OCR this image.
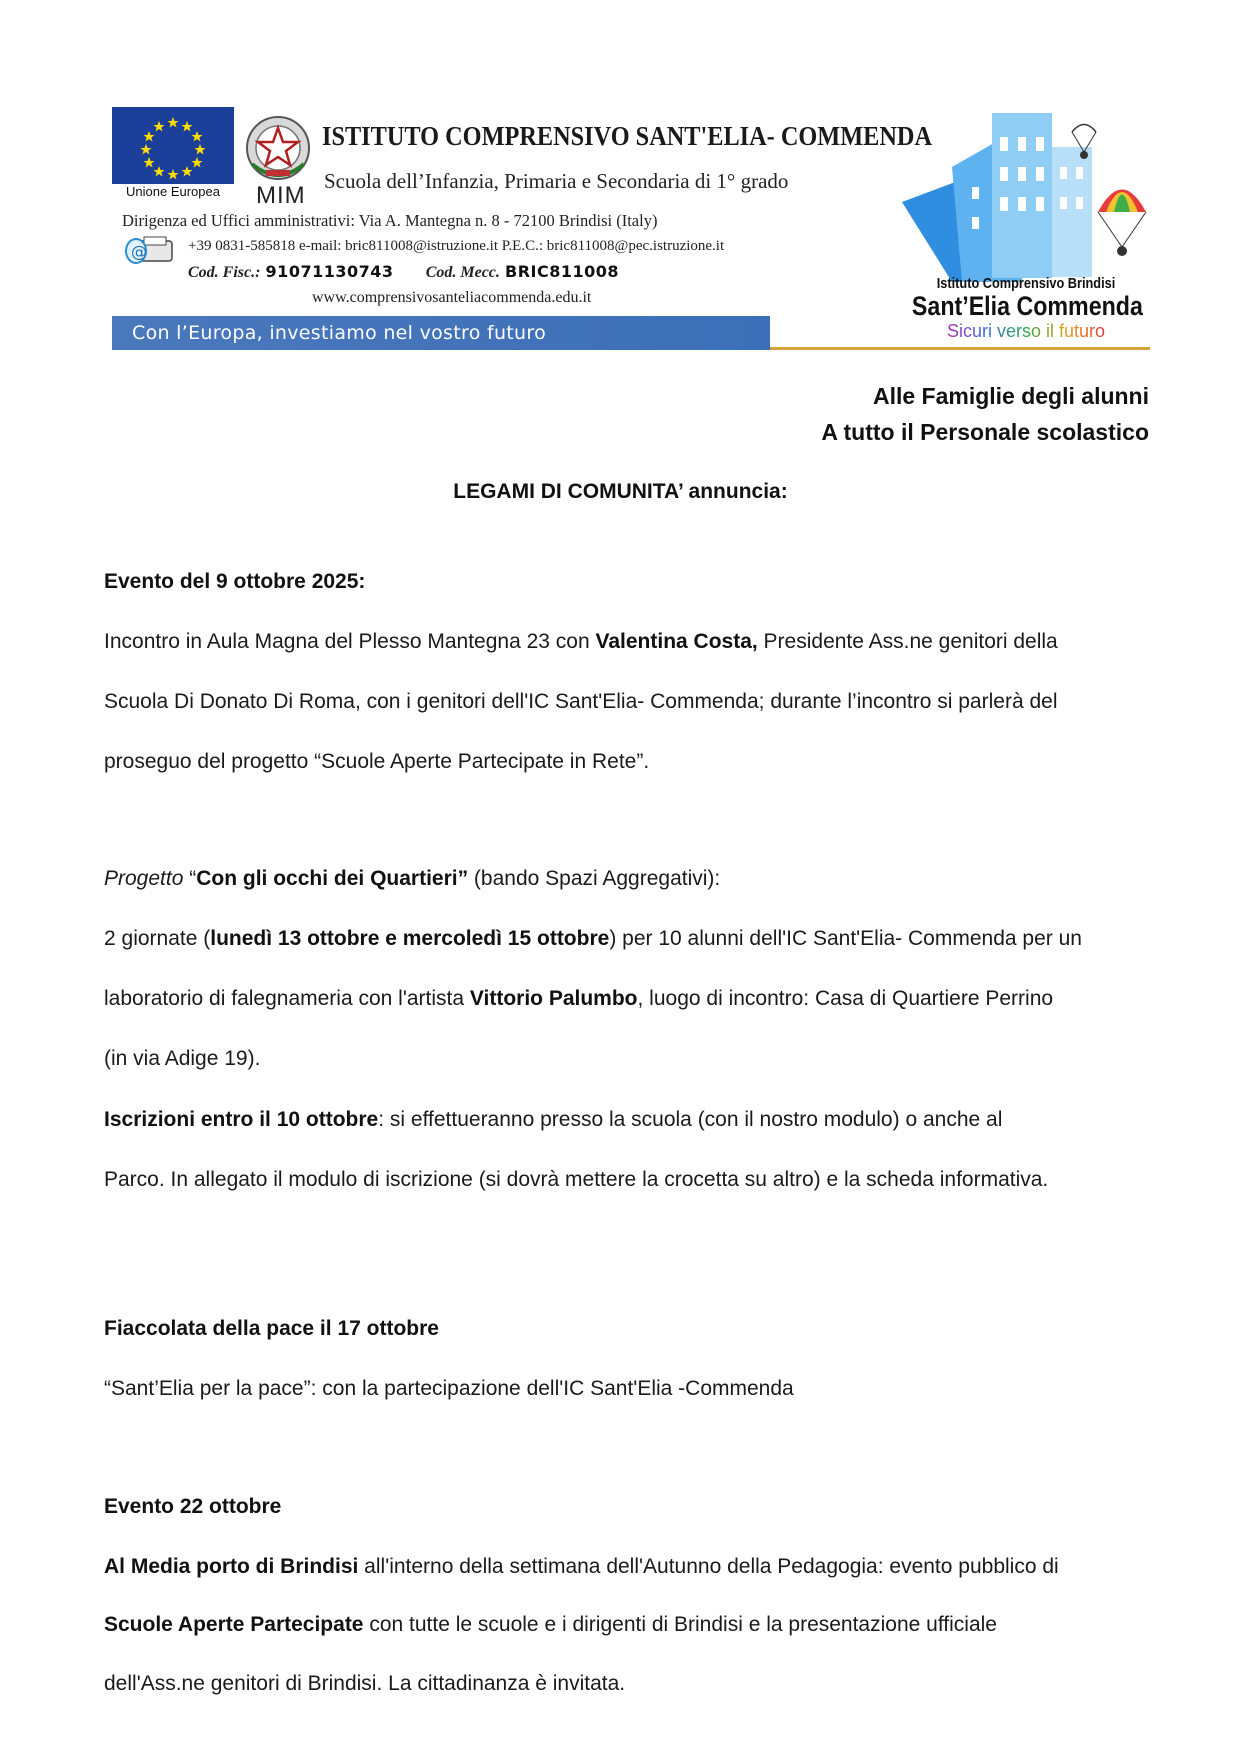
Unione Europea	MIM
ISTITUTO COMPRENSIVO SANT'ELIA- COMMENDA
Scuola dell’Infanzia, Primaria e Secondaria di 1° grado
Dirigenza ed Uffici amministrativi: Via A. Mantegna n. 8 - 72100 Brindisi (Italy)
@	+39 0831-585818 e-mail: bric811008@istruzione.it P.E.C.: bric811008@pec.istruzione.it
Cod. Fisc.: 91071130743 Cod. Mecc. BRIC811008
www.comprensivosanteliacommenda.edu.it
Con l’Europa, investiamo nel vostro futuro
Istituto Comprensivo Brindisi
Sant’Elia Commenda
Sicuri verso il futuro
Alle Famiglie degli alunni
A tutto il Personale scolastico
LEGAMI DI COMUNITA’ annuncia:
Evento del 9 ottobre 2025:
Incontro in Aula Magna del Plesso Mantegna 23 con Valentina Costa, Presidente Ass.ne genitori della
Scuola Di Donato Di Roma, con i genitori dell'IC Sant'Elia- Commenda; durante l’incontro si parlerà del
proseguo del progetto “Scuole Aperte Partecipate in Rete”.
Progetto “Con gli occhi dei Quartieri” (bando Spazi Aggregativi):
2 giornate (lunedì 13 ottobre e mercoledì 15 ottobre) per 10 alunni dell'IC Sant'Elia- Commenda per un
laboratorio di falegnameria con l'artista Vittorio Palumbo, luogo di incontro: Casa di Quartiere Perrino
(in via Adige 19).
Iscrizioni entro il 10 ottobre: si effettueranno presso la scuola (con il nostro modulo) o anche al
Parco. In allegato il modulo di iscrizione (si dovrà mettere la crocetta su altro) e la scheda informativa.
Fiaccolata della pace il 17 ottobre
“Sant’Elia per la pace”: con la partecipazione dell'IC Sant'Elia -Commenda
Evento 22 ottobre
Al Media porto di Brindisi all'interno della settimana dell'Autunno della Pedagogia: evento pubblico di
Scuole Aperte Partecipate con tutte le scuole e i dirigenti di Brindisi e la presentazione ufficiale
dell'Ass.ne genitori di Brindisi. La cittadinanza è invitata.
